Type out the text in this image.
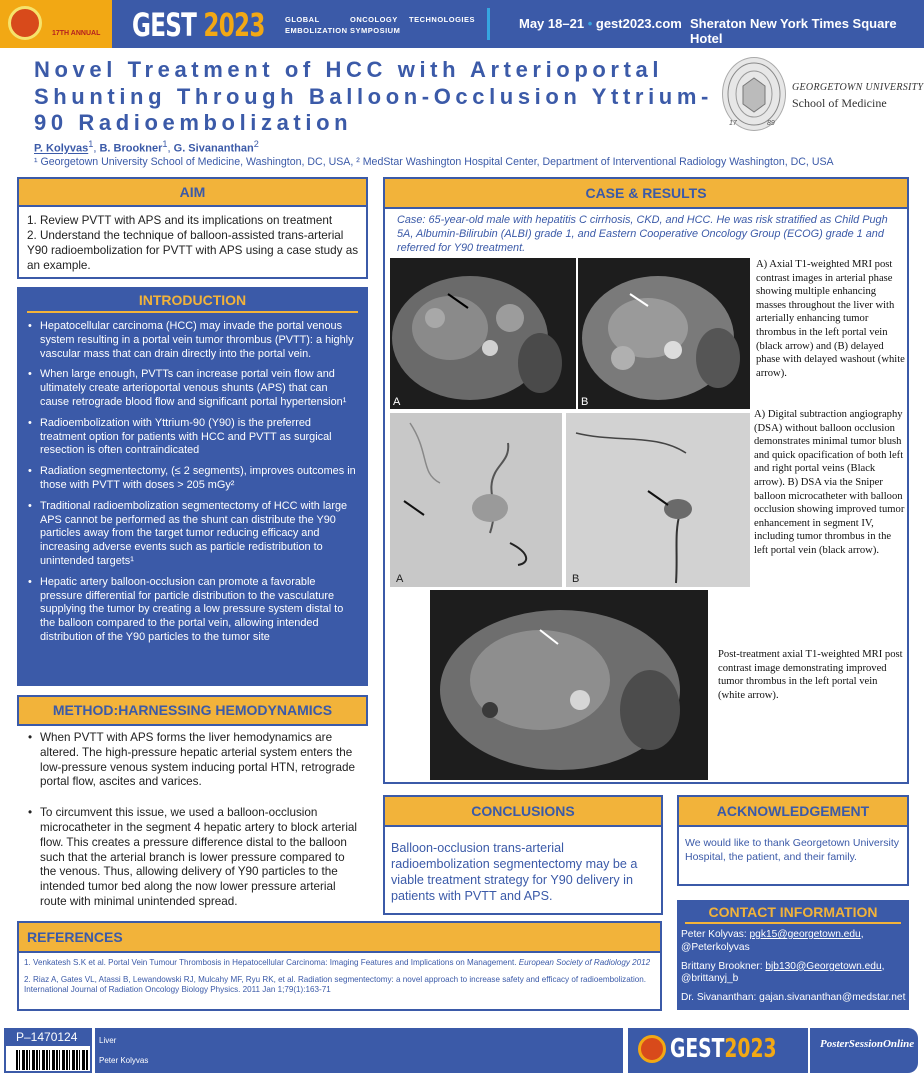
17TH ANNUAL GEST 2023	GLOBAL
EMBOLIZATION
ONCOLOGY
SYMPOSIUM
TECHNOLOGIES	May 18–21 • gest2023.com Sheraton New York Times Square Hotel
Novel Treatment of HCC with Arterioportal Shunting Through Balloon-Occlusion Yttrium-90 Radioembolization
P. Kolyvas$^1$, B. Brookner$^1$, G. Sivananthan$^2$
¹ Georgetown University School of Medicine, Washington, DC, USA, ² MedStar Washington Hospital Center, Department of Interventional Radiology Washington, DC, USA
17	89
GEORGETOWN UNIVERSITY
School of Medicine
AIM
1. Review PVTT with APS and its implications on treatment
2. Understand the technique of balloon-assisted trans-arterial Y90 radioembolization for PVTT with APS using a case study as an example.
INTRODUCTION
• Hepatocellular carcinoma (HCC) may invade the portal venous system resulting in a portal vein tumor thrombus (PVTT): a highly vascular mass that can drain directly into the portal vein.
• When large enough, PVTTs can increase portal vein flow and ultimately create arterioportal venous shunts (APS) that can cause retrograde blood flow and significant portal hypertension¹
• Radioembolization with Yttrium-90 (Y90) is the preferred treatment option for patients with HCC and PVTT as surgical resection is often contraindicated
• Radiation segmentectomy, (≤ 2 segments), improves outcomes in those with PVTT with doses > 205 mGy²
• Traditional radioembolization segmentectomy of HCC with large APS cannot be performed as the shunt can distribute the Y90 particles away from the target tumor reducing efficacy and increasing adverse events such as particle redistribution to unintended targets¹
• Hepatic artery balloon-occlusion can promote a favorable pressure differential for particle distribution to the vasculature supplying the tumor by creating a low pressure system distal to the balloon compared to the portal vein, allowing intended distribution of the Y90 particles to the tumor site
METHOD:HARNESSING HEMODYNAMICS
• When PVTT with APS forms the liver hemodynamics are altered. The high-pressure hepatic arterial system enters the low-pressure venous system inducing portal HTN, retrograde portal flow, ascites and varices.
• To circumvent this issue, we used a balloon-occlusion microcatheter in the segment 4 hepatic artery to block arterial flow. This creates a pressure difference distal to the balloon such that the arterial branch is lower pressure compared to the venous. Thus, allowing delivery of Y90 particles to the intended tumor bed along the now lower pressure arterial route with minimal unintended spread.
CASE & RESULTS
Case: 65-year-old male with hepatitis C cirrhosis, CKD, and HCC. He was risk stratified as Child Pugh 5A, Albumin-Bilirubin (ALBI) grade 1, and Eastern Cooperative Oncology Group (ECOG) grade 1 and referred for Y90 treatment.
A	B
A) Axial T1-weighted MRI post contrast images in arterial phase showing multiple enhancing masses throughout the liver with arterially enhancing tumor thrombus in the left portal vein (black arrow) and (B) delayed phase with delayed washout (white arrow).
A	B
A) Digital subtraction angiography (DSA) without balloon occlusion demonstrates minimal tumor blush and quick opacification of both left and right portal veins (Black arrow). B) DSA via the Sniper balloon microcatheter with balloon occlusion showing improved tumor enhancement in segment IV, including tumor thrombus in the left portal vein (black arrow).
Post-treatment axial T1-weighted MRI post contrast image demonstrating improved tumor thrombus in the left portal vein (white arrow).
CONCLUSIONS
Balloon-occlusion trans-arterial radioembolization segmentectomy may be a viable treatment strategy for Y90 delivery in patients with PVTT and APS.
ACKNOWLEDGEMENT
We would like to thank Georgetown University Hospital, the patient, and their family.
CONTACT INFORMATION

Peter Kolyvas: pgk15@georgetown.edu, @Peterkolyvas

Brittany Brookner: bjb130@Georgetown.edu, @brittanyj_b

Dr. Sivananthan: gajan.sivananthan@medstar.net

REFERENCES

1. Venkatesh S.K et al. Portal Vein Tumour Thrombosis in Hepatocellular Carcinoma: Imaging Features and Implications on Management. European Society of Radiology 2012

2. Riaz A, Gates VL, Atassi B, Lewandowski RJ, Mulcahy MF, Ryu RK, et al. Radiation segmentectomy: a novel approach to increase safety and efficacy of radioembolization. International Journal of Radiation Oncology Biology Physics. 2011 Jan 1;79(1):163-71

P–1470124	Liver
Peter Kolyvas	GEST2023	PosterSessionOnline
